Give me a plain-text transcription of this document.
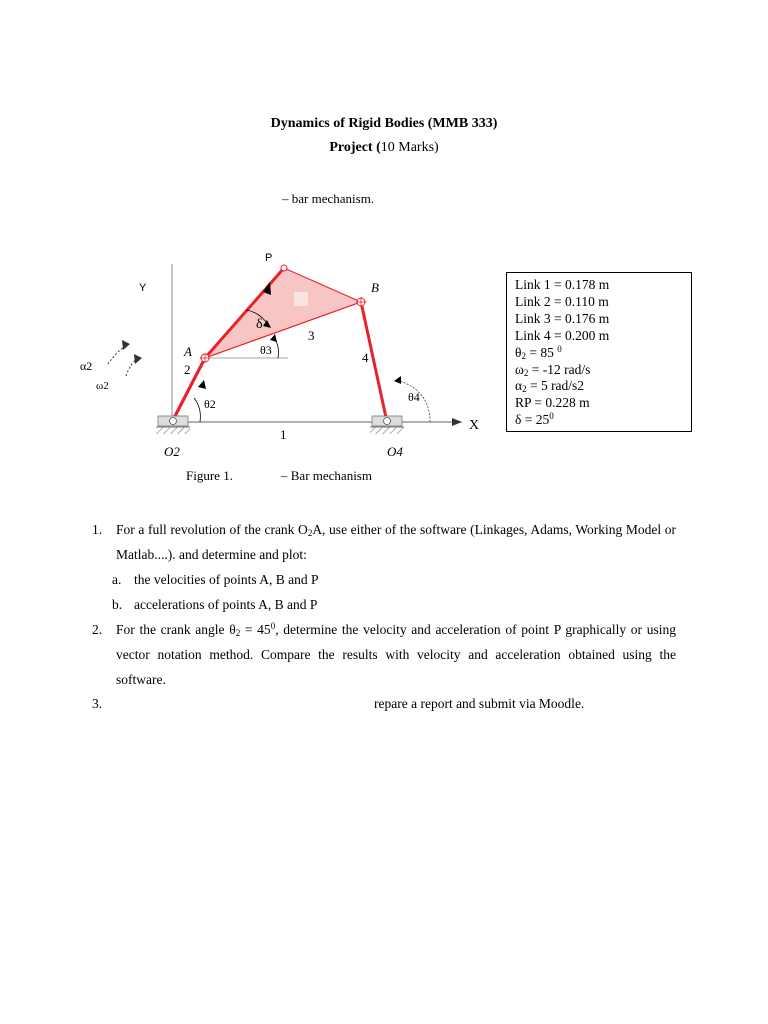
Dynamics of Rigid Bodies (MMB 333)
Project (10 Marks)
– bar mechanism.
P
B
A
Y
X
δ
θ3
θ2	θ4
α2
ω2
O2	O4
1
2
3
4
Figure 1.	– Bar mechanism
Link 1 = 0.178 m
Link 2 = 0.110 m
Link 3 = 0.176 m
Link 4 = 0.200 m
$\theta_2 = 85$ $^0$
$\omega_2 = -12$ rad/s
$\alpha_2 = 5$ rad/s2
RP = 0.228 m
$\delta = 25^0$
1. For a full revolution of the crank $O_2A$, use either of the software (Linkages, Adams, Working Model or Matlab....). and determine and plot:
a. the velocities of points A, B and P
b. accelerations of points A, B and P
2. For the crank angle $\theta_2 = 45^0$, determine the velocity and acceleration of point P graphically or using vector notation method. Compare the results with velocity and acceleration obtained using the software.
3.	repare a report and submit via Moodle.
